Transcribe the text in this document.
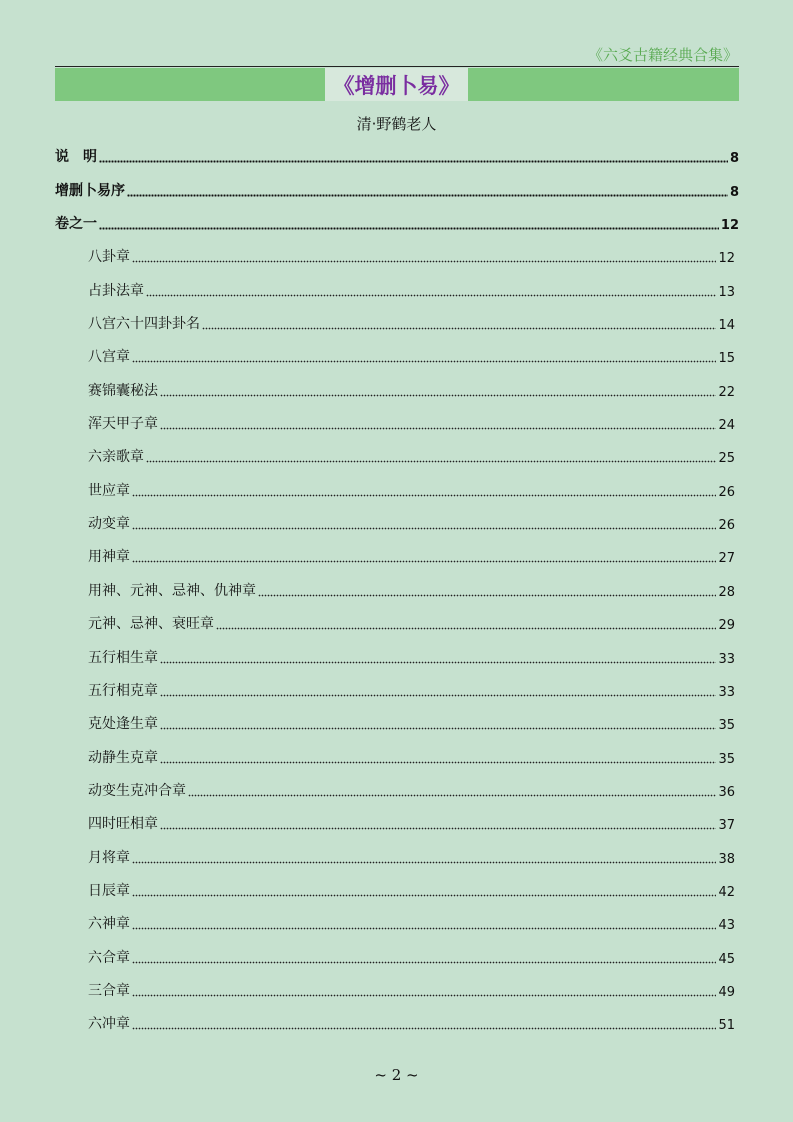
《六爻古籍经典合集》
《增删卜易》
清·野鹤老人
说　明	8
增删卜易序	8
卷之一	12
八卦章	12
占卦法章	13
八宫六十四卦卦名	14
八宫章	15
赛锦囊秘法	22
浑天甲子章	24
六亲歌章	25
世应章	26
动变章	26
用神章	27
用神、元神、忌神、仇神章	28
元神、忌神、衰旺章	29
五行相生章	33
五行相克章	33
克处逢生章	35
动静生克章	35
动变生克冲合章	36
四时旺相章	37
月将章	38
日辰章	42
六神章	43
六合章	45
三合章	49
六冲章	51
~ 2 ~
